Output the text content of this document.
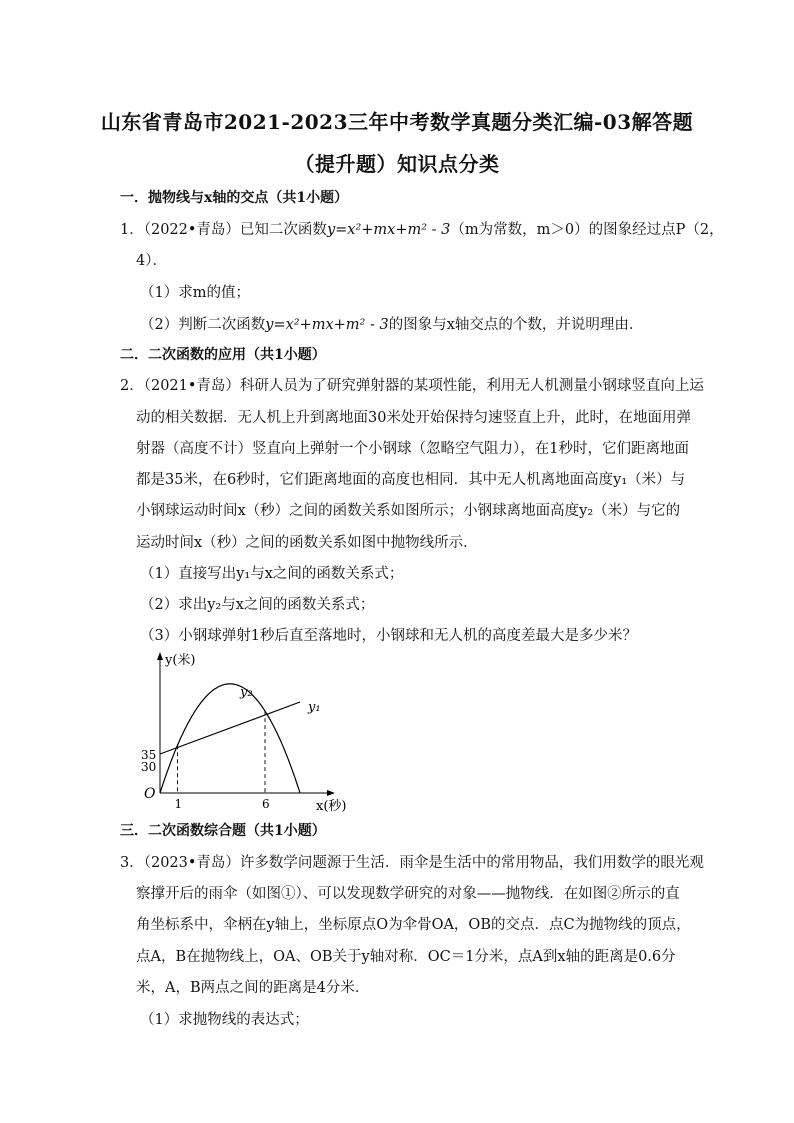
山东省青岛市2021-2023三年中考数学真题分类汇编-03解答题
（提升题）知识点分类
一．抛物线与x轴的交点（共1小题）
1．（2022•青岛）已知二次函数y=x²+mx+m² - 3（m为常数，m＞0）的图象经过点P（2，
4）．
（1）求m的值；
（2）判断二次函数y=x²+mx+m² - 3的图象与x轴交点的个数，并说明理由．
二．二次函数的应用（共1小题）
2．（2021•青岛）科研人员为了研究弹射器的某项性能，利用无人机测量小钢球竖直向上运
动的相关数据．无人机上升到离地面30米处开始保持匀速竖直上升，此时，在地面用弹
射器（高度不计）竖直向上弹射一个小钢球（忽略空气阻力），在1秒时，它们距离地面
都是35米，在6秒时，它们距离地面的高度也相同．其中无人机离地面高度y₁（米）与
小钢球运动时间x（秒）之间的函数关系如图所示；小钢球离地面高度y₂（米）与它的
运动时间x（秒）之间的函数关系如图中抛物线所示．
（1）直接写出y₁与x之间的函数关系式；
（2）求出y₂与x之间的函数关系式；
（3）小钢球弹射1秒后直至落地时，小钢球和无人机的高度差最大是多少米？
y(米)
x(秒)
O
35
30
1	6
y₂
y₁
三．二次函数综合题（共1小题）
3．（2023•青岛）许多数学问题源于生活．雨伞是生活中的常用物品，我们用数学的眼光观
察撑开后的雨伞（如图①）、可以发现数学研究的对象——抛物线．在如图②所示的直
角坐标系中，伞柄在y轴上，坐标原点O为伞骨OA，OB的交点．点C为抛物线的顶点，
点A，B在抛物线上，OA、OB关于y轴对称．OC＝1分米，点A到x轴的距离是0.6分
米，A，B两点之间的距离是4分米．
（1）求抛物线的表达式；
